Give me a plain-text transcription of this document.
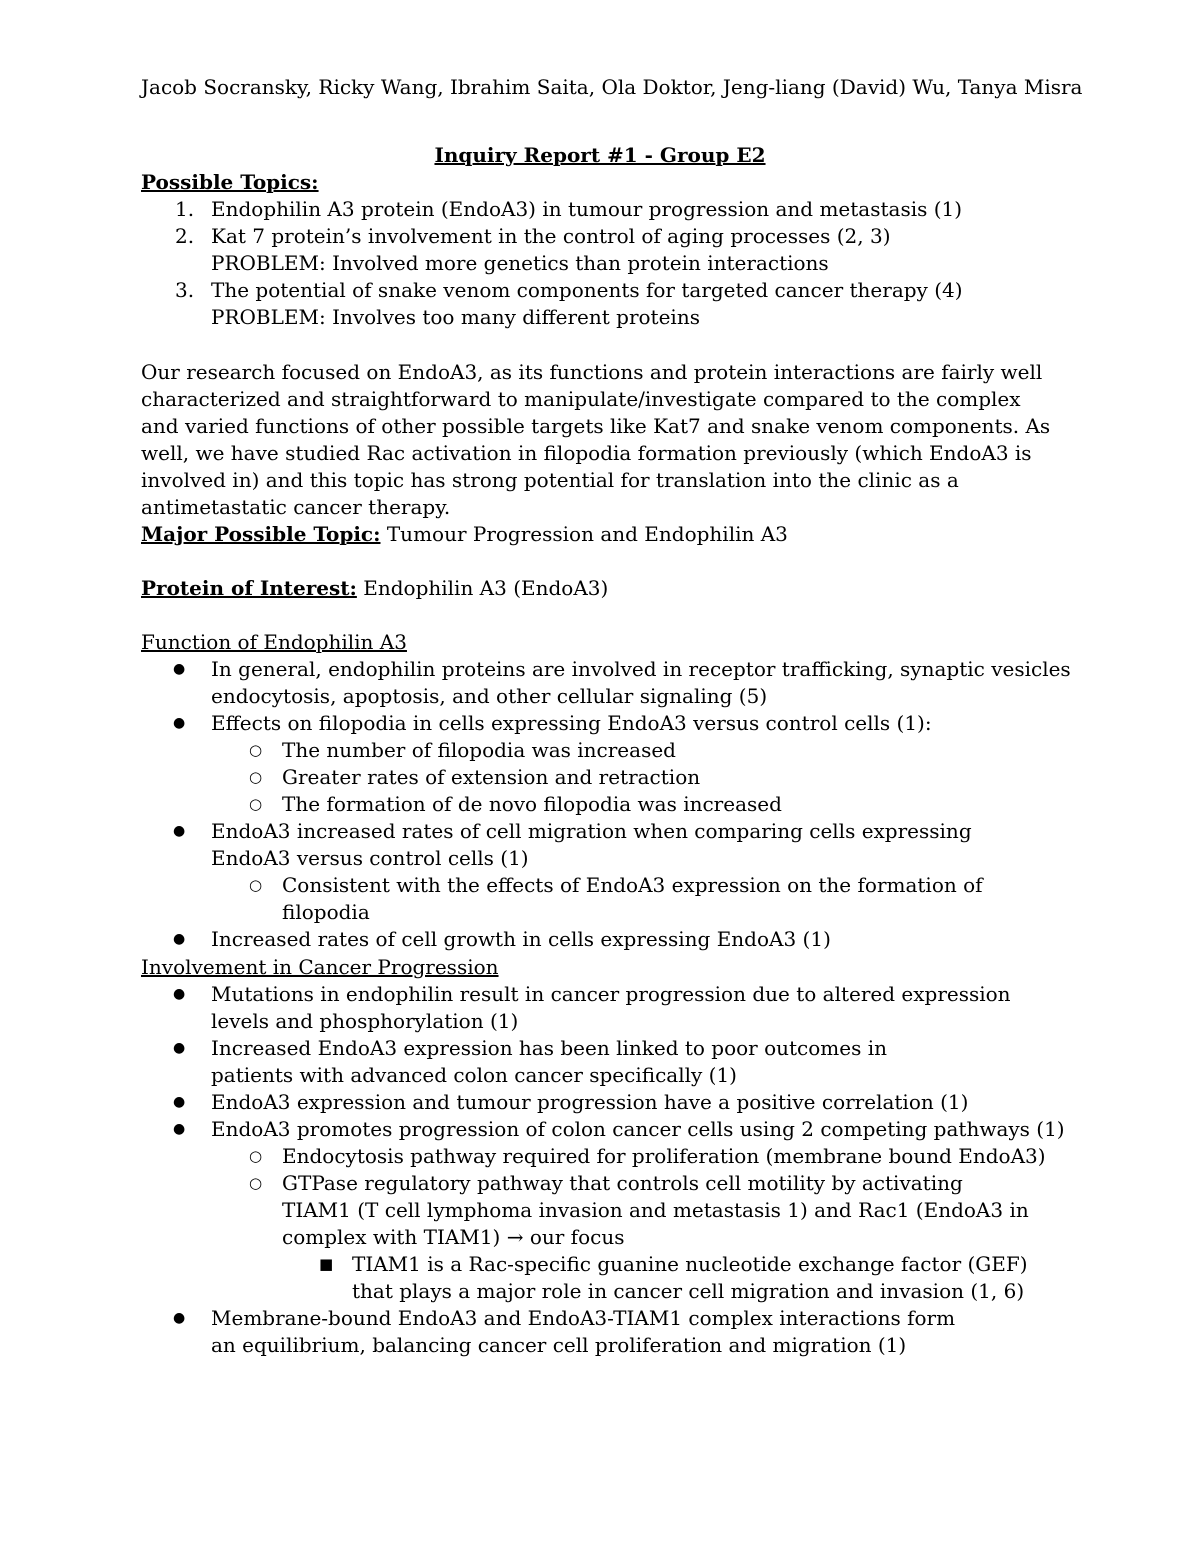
Jacob Socransky, Ricky Wang, Ibrahim Saita, Ola Doktor, Jeng-liang (David) Wu, Tanya Misra
Inquiry Report #1 - Group E2
Possible Topics:
1. Endophilin A3 protein (EndoA3) in tumour progression and metastasis (1)
2. Kat 7 protein’s involvement in the control of aging processes (2, 3)
PROBLEM: Involved more genetics than protein interactions
3. The potential of snake venom components for targeted cancer therapy (4)
PROBLEM: Involves too many different proteins

Our research focused on EndoA3, as its functions and protein interactions are fairly well characterized and straightforward to manipulate/investigate compared to the complex and varied functions of other possible targets like Kat7 and snake venom components. As well, we have studied Rac activation in filopodia formation previously (which EndoA3 is involved in) and this topic has strong potential for translation into the clinic as a antimetastatic cancer therapy.

Major Possible Topic: Tumour Progression and Endophilin A3
Protein of Interest: Endophilin A3 (EndoA3)
Function of Endophilin A3
● In general, endophilin proteins are involved in receptor trafficking, synaptic vesicles endocytosis, apoptosis, and other cellular signaling (5)
● Effects on filopodia in cells expressing EndoA3 versus control cells (1):
○ The number of filopodia was increased
○ Greater rates of extension and retraction
○ The formation of de novo filopodia was increased
● EndoA3 increased rates of cell migration when comparing cells expressing EndoA3 versus control cells (1)
○ Consistent with the effects of EndoA3 expression on the formation of filopodia
● Increased rates of cell growth in cells expressing EndoA3 (1)
Involvement in Cancer Progression
● Mutations in endophilin result in cancer progression due to altered expression levels and phosphorylation (1)
● Increased EndoA3 expression has been linked to poor outcomes in patients with advanced colon cancer specifically (1)
● EndoA3 expression and tumour progression have a positive correlation (1)
● EndoA3 promotes progression of colon cancer cells using 2 competing pathways (1)
○ Endocytosis pathway required for proliferation (membrane bound EndoA3)
○ GTPase regulatory pathway that controls cell motility by activating TIAM1 (T cell lymphoma invasion and metastasis 1) and Rac1 (EndoA3 in complex with TIAM1) → our focus
■ TIAM1 is a Rac-specific guanine nucleotide exchange factor (GEF) that plays a major role in cancer cell migration and invasion (1, 6)
● Membrane-bound EndoA3 and EndoA3-TIAM1 complex interactions form an equilibrium, balancing cancer cell proliferation and migration (1)
